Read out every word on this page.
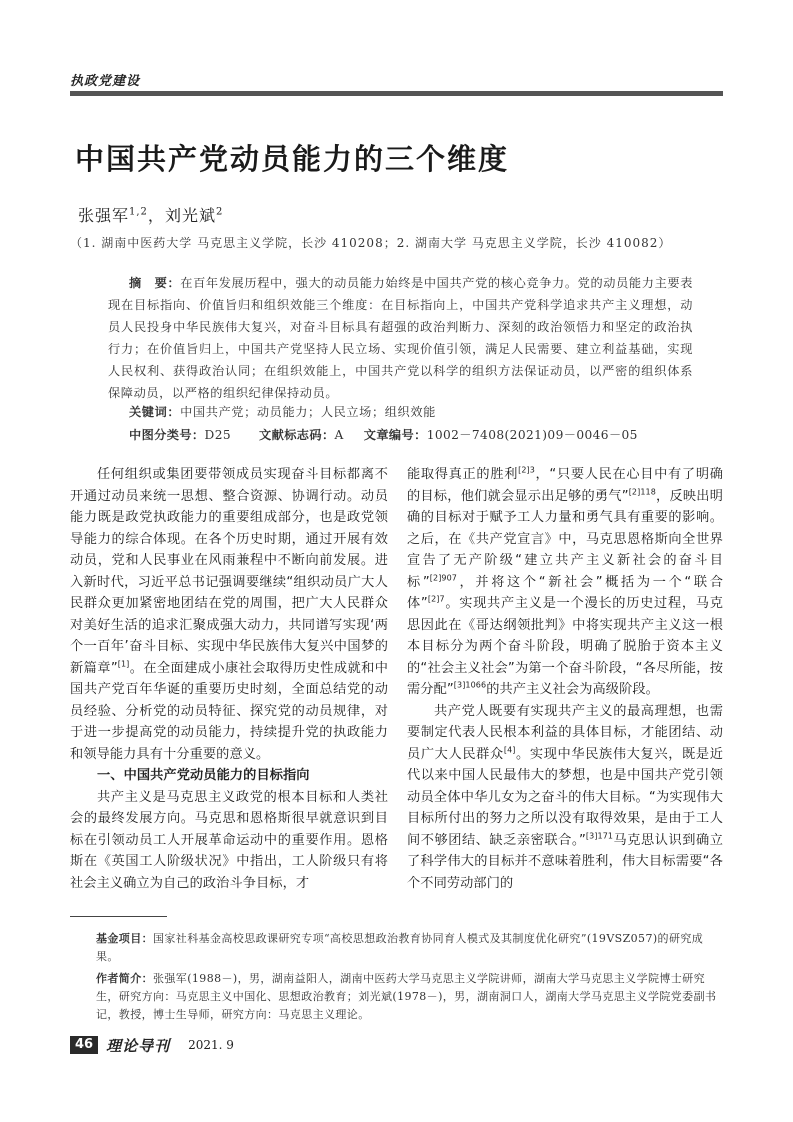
执政党建设
中国共产党动员能力的三个维度
张强军$^{1,2}$，刘光斌$^2$
（1. 湖南中医药大学 马克思主义学院，长沙 410208；2. 湖南大学 马克思主义学院，长沙 410082）
摘　要：在百年发展历程中，强大的动员能力始终是中国共产党的核心竞争力。党的动员能力主要表现在目标指向、价值旨归和组织效能三个维度：在目标指向上，中国共产党科学追求共产主义理想，动员人民投身中华民族伟大复兴，对奋斗目标具有超强的政治判断力、深刻的政治领悟力和坚定的政治执行力；在价值旨归上，中国共产党坚持人民立场、实现价值引领，满足人民需要、建立利益基础，实现人民权利、获得政治认同；在组织效能上，中国共产党以科学的组织方法保证动员，以严密的组织体系保障动员，以严格的组织纪律保持动员。
关键词：中国共产党；动员能力；人民立场；组织效能
中图分类号：D25 文献标志码：A 文章编号：1002－7408(2021)09－0046－05

任何组织或集团要带领成员实现奋斗目标都离不开通过动员来统一思想、整合资源、协调行动。动员能力既是政党执政能力的重要组成部分，也是政党领导能力的综合体现。在各个历史时期，通过开展有效动员，党和人民事业在风雨兼程中不断向前发展。进入新时代，习近平总书记强调要继续“组织动员广大人民群众更加紧密地团结在党的周围，把广大人民群众对美好生活的追求汇聚成强大动力，共同谱写实现‘两个一百年’奋斗目标、实现中华民族伟大复兴中国梦的新篇章”[1]。在全面建成小康社会取得历史性成就和中国共产党百年华诞的重要历史时刻，全面总结党的动员经验、分析党的动员特征、探究党的动员规律，对于进一步提高党的动员能力，持续提升党的执政能力和领导能力具有十分重要的意义。

一、中国共产党动员能力的目标指向

共产主义是马克思主义政党的根本目标和人类社会的最终发展方向。马克思和恩格斯很早就意识到目标在引领动员工人开展革命运动中的重要作用。恩格斯在《英国工人阶级状况》中指出，工人阶级只有将社会主义确立为自己的政治斗争目标，才

能取得真正的胜利$^{[2]3}$，“只要人民在心目中有了明确的目标，他们就会显示出足够的勇气”$^{[2]118}$，反映出明确的目标对于赋予工人力量和勇气具有重要的影响。之后，在《共产党宣言》中，马克思恩格斯向全世界宣告了无产阶级“建立共产主义新社会的奋斗目标”$^{[2]907}$，并将这个“新社会”概括为一个“联合体”$^{[2]7}$。实现共产主义是一个漫长的历史过程，马克思因此在《哥达纲领批判》中将实现共产主义这一根本目标分为两个奋斗阶段，明确了脱胎于资本主义的“社会主义社会”为第一个奋斗阶段，“各尽所能，按需分配”$^{[3]1066}$的共产主义社会为高级阶段。

共产党人既要有实现共产主义的最高理想，也需要制定代表人民根本利益的具体目标，才能团结、动员广大人民群众[4]。实现中华民族伟大复兴，既是近代以来中国人民最伟大的梦想，也是中国共产党引领动员全体中华儿女为之奋斗的伟大目标。“为实现伟大目标所付出的努力之所以没有取得效果，是由于工人间不够团结、缺乏亲密联合。”$^{[3]171}$马克思认识到确立了科学伟大的目标并不意味着胜利，伟大目标需要“各个不同劳动部门的

基金项目：国家社科基金高校思政课研究专项“高校思想政治教育协同育人模式及其制度优化研究”(19VSZ057)的研究成果。

作者简介：张强军(1988－)，男，湖南益阳人，湖南中医药大学马克思主义学院讲师，湖南大学马克思主义学院博士研究生，研究方向：马克思主义中国化、思想政治教育；刘光斌(1978－)，男，湖南洞口人，湖南大学马克思主义学院党委副书记，教授，博士生导师，研究方向：马克思主义理论。

46 理论导刊 2021. 9
